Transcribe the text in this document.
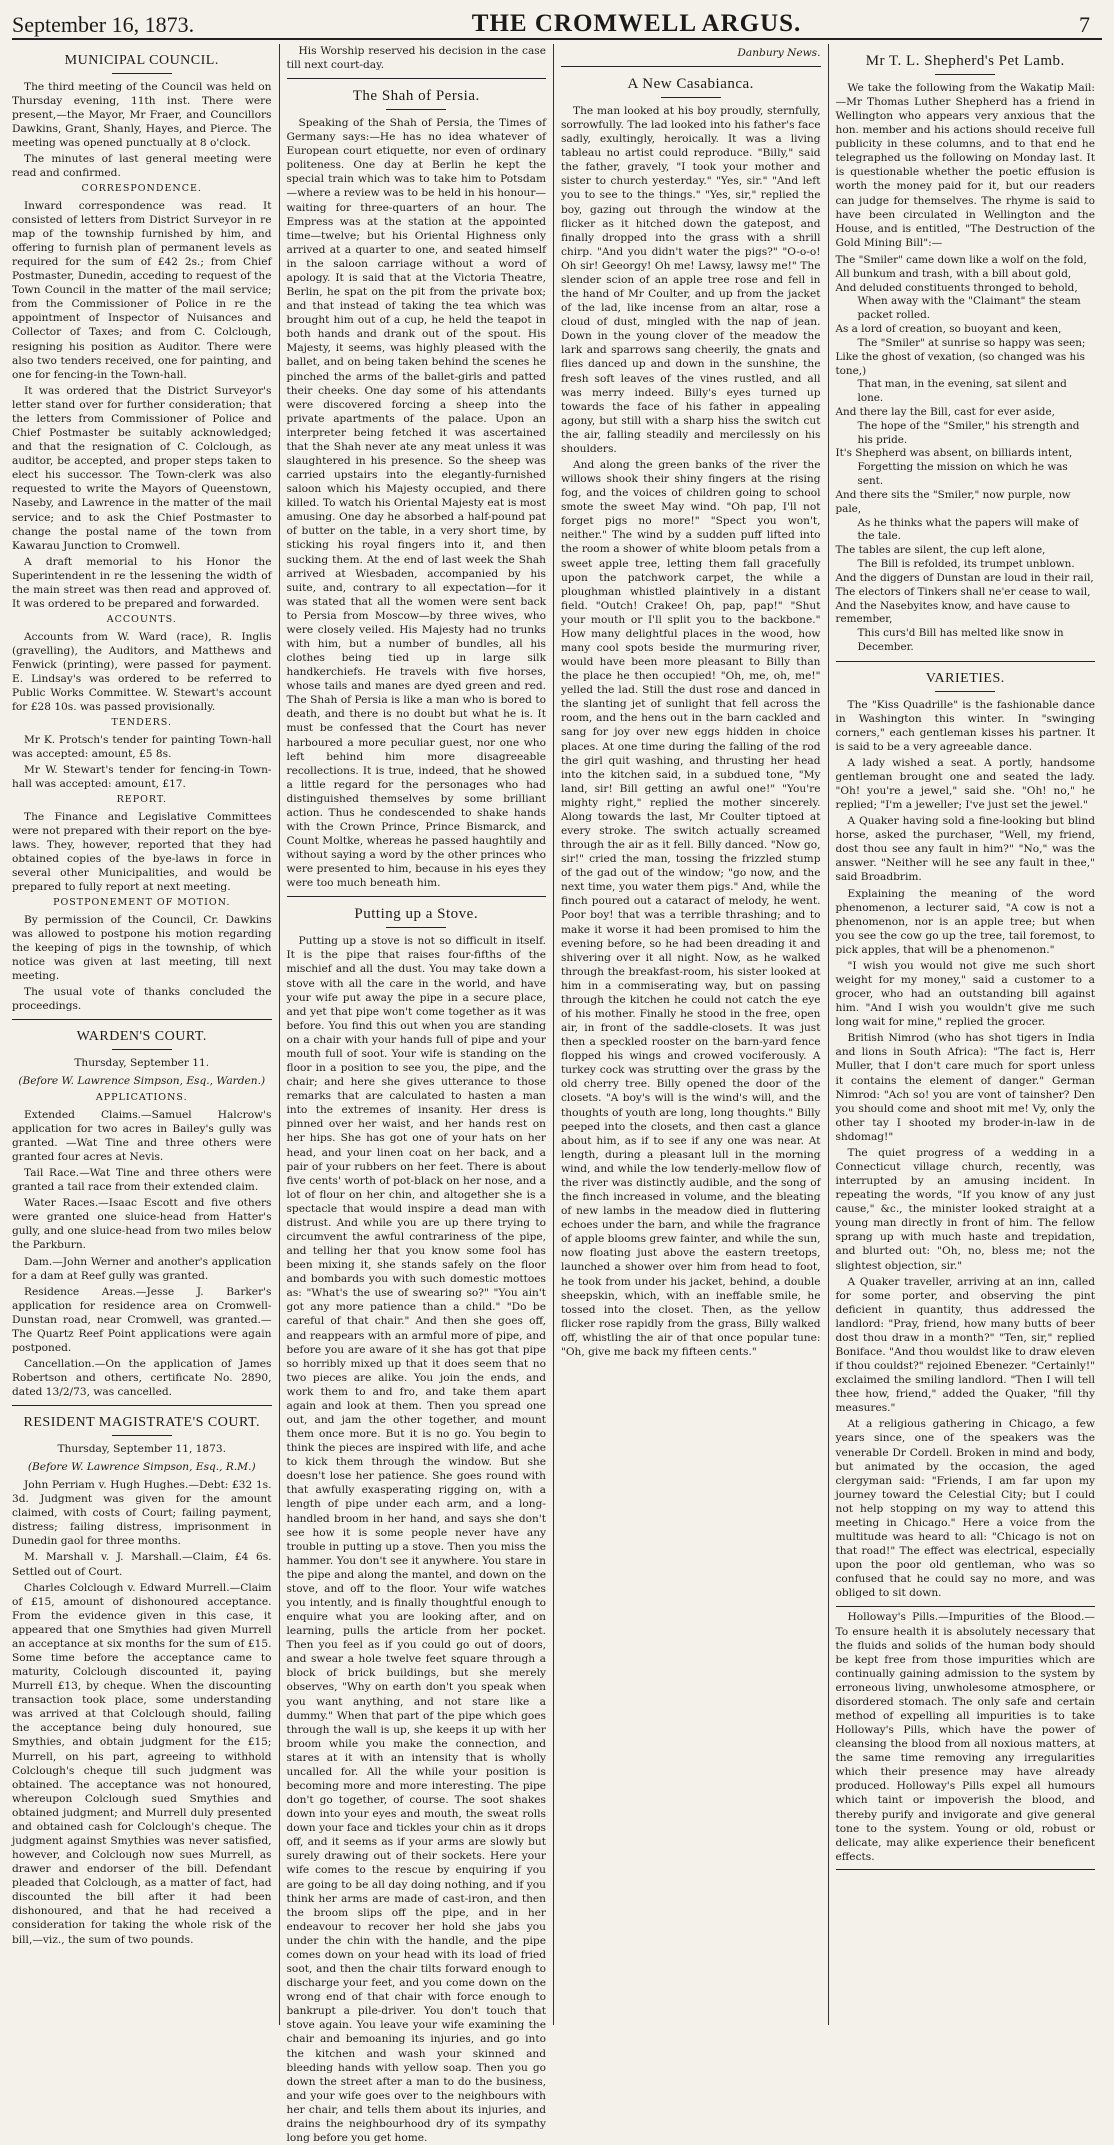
September 16, 1873.	THE CROMWELL ARGUS.	7
MUNICIPAL COUNCIL.

The third meeting of the Council was held on Thursday evening, 11th inst. There were present,—the Mayor, Mr Fraer, and Councillors Dawkins, Grant, Shanly, Hayes, and Pierce. The meeting was opened punctually at 8 o'clock.

The minutes of last general meeting were read and confirmed.

CORRESPONDENCE.

Inward correspondence was read. It consisted of letters from District Surveyor in re map of the township furnished by him, and offering to furnish plan of permanent levels as required for the sum of £42 2s.; from Chief Postmaster, Dunedin, acceding to request of the Town Council in the matter of the mail service; from the Commissioner of Police in re the appointment of Inspector of Nuisances and Collector of Taxes; and from C. Colclough, resigning his position as Auditor. There were also two tenders received, one for painting, and one for fencing-in the Town-hall.

It was ordered that the District Surveyor's letter stand over for further consideration; that the letters from Commissioner of Police and Chief Postmaster be suitably acknowledged; and that the resignation of C. Colclough, as auditor, be accepted, and proper steps taken to elect his successor. The Town-clerk was also requested to write the Mayors of Queenstown, Naseby, and Lawrence in the matter of the mail service; and to ask the Chief Postmaster to change the postal name of the town from Kawarau Junction to Cromwell.

A draft memorial to his Honor the Superintendent in re the lessening the width of the main street was then read and approved of. It was ordered to be prepared and forwarded.

ACCOUNTS.

Accounts from W. Ward (race), R. Inglis (gravelling), the Auditors, and Matthews and Fenwick (printing), were passed for payment. E. Lindsay's was ordered to be referred to Public Works Committee. W. Stewart's account for £28 10s. was passed provisionally.

TENDERS.

Mr K. Protsch's tender for painting Town-hall was accepted: amount, £5 8s.

Mr W. Stewart's tender for fencing-in Town-hall was accepted: amount, £17.

REPORT.

The Finance and Legislative Committees were not prepared with their report on the bye-laws. They, however, reported that they had obtained copies of the bye-laws in force in several other Municipalities, and would be prepared to fully report at next meeting.

POSTPONEMENT OF MOTION.

By permission of the Council, Cr. Dawkins was allowed to postpone his motion regarding the keeping of pigs in the township, of which notice was given at last meeting, till next meeting.

The usual vote of thanks concluded the proceedings.

WARDEN'S COURT.
Thursday, September 11.
(Before W. Lawrence Simpson, Esq., Warden.)
APPLICATIONS.

Extended Claims.—Samuel Halcrow's application for two acres in Bailey's gully was granted. —Wat Tine and three others were granted four acres at Nevis.

Tail Race.—Wat Tine and three others were granted a tail race from their extended claim.

Water Races.—Isaac Escott and five others were granted one sluice-head from Hatter's gully, and one sluice-head from two miles below the Parkburn.

Dam.—John Werner and another's application for a dam at Reef gully was granted.

Residence Areas.—Jesse J. Barker's application for residence area on Cromwell-Dunstan road, near Cromwell, was granted.—The Quartz Reef Point applications were again postponed.

Cancellation.—On the application of James Robertson and others, certificate No. 2890, dated 13/2/73, was cancelled.

RESIDENT MAGISTRATE'S COURT.
Thursday, September 11, 1873.
(Before W. Lawrence Simpson, Esq., R.M.)

John Perriam v. Hugh Hughes.—Debt: £32 1s. 3d. Judgment was given for the amount claimed, with costs of Court; failing payment, distress; failing distress, imprisonment in Dunedin gaol for three months.

M. Marshall v. J. Marshall.—Claim, £4 6s. Settled out of Court.

Charles Colclough v. Edward Murrell.—Claim of £15, amount of dishonoured acceptance. From the evidence given in this case, it appeared that one Smythies had given Murrell an acceptance at six months for the sum of £15. Some time before the acceptance came to maturity, Colclough discounted it, paying Murrell £13, by cheque. When the discounting transaction took place, some understanding was arrived at that Colclough should, failing the acceptance being duly honoured, sue Smythies, and obtain judgment for the £15; Murrell, on his part, agreeing to withhold Colclough's cheque till such judgment was obtained. The acceptance was not honoured, whereupon Colclough sued Smythies and obtained judgment; and Murrell duly presented and obtained cash for Colclough's cheque. The judgment against Smythies was never satisfied, however, and Colclough now sues Murrell, as drawer and endorser of the bill. Defendant pleaded that Colclough, as a matter of fact, had discounted the bill after it had been dishonoured, and that he had received a consideration for taking the whole risk of the bill,—viz., the sum of two pounds.

His Worship reserved his decision in the case till next court-day.

The Shah of Persia.

Speaking of the Shah of Persia, the Times of Germany says:—He has no idea whatever of European court etiquette, nor even of ordinary politeness. One day at Berlin he kept the special train which was to take him to Potsdam—where a review was to be held in his honour—waiting for three-quarters of an hour. The Empress was at the station at the appointed time—twelve; but his Oriental Highness only arrived at a quarter to one, and seated himself in the saloon carriage without a word of apology. It is said that at the Victoria Theatre, Berlin, he spat on the pit from the private box; and that instead of taking the tea which was brought him out of a cup, he held the teapot in both hands and drank out of the spout. His Majesty, it seems, was highly pleased with the ballet, and on being taken behind the scenes he pinched the arms of the ballet-girls and patted their cheeks. One day some of his attendants were discovered forcing a sheep into the private apartments of the palace. Upon an interpreter being fetched it was ascertained that the Shah never ate any meat unless it was slaughtered in his presence. So the sheep was carried upstairs into the elegantly-furnished saloon which his Majesty occupied, and there killed. To watch his Oriental Majesty eat is most amusing. One day he absorbed a half-pound pat of butter on the table, in a very short time, by sticking his royal fingers into it, and then sucking them. At the end of last week the Shah arrived at Wiesbaden, accompanied by his suite, and, contrary to all expectation—for it was stated that all the women were sent back to Persia from Moscow—by three wives, who were closely veiled. His Majesty had no trunks with him, but a number of bundles, all his clothes being tied up in large silk handkerchiefs. He travels with five horses, whose tails and manes are dyed green and red. The Shah of Persia is like a man who is bored to death, and there is no doubt but what he is. It must be confessed that the Court has never harboured a more peculiar guest, nor one who left behind him more disagreeable recollections. It is true, indeed, that he showed a little regard for the personages who had distinguished themselves by some brilliant action. Thus he condescended to shake hands with the Crown Prince, Prince Bismarck, and Count Moltke, whereas he passed haughtily and without saying a word by the other princes who were presented to him, because in his eyes they were too much beneath him.

Putting up a Stove.

Putting up a stove is not so difficult in itself. It is the pipe that raises four-fifths of the mischief and all the dust. You may take down a stove with all the care in the world, and have your wife put away the pipe in a secure place, and yet that pipe won't come together as it was before. You find this out when you are standing on a chair with your hands full of pipe and your mouth full of soot. Your wife is standing on the floor in a position to see you, the pipe, and the chair; and here she gives utterance to those remarks that are calculated to hasten a man into the extremes of insanity. Her dress is pinned over her waist, and her hands rest on her hips. She has got one of your hats on her head, and your linen coat on her back, and a pair of your rubbers on her feet. There is about five cents' worth of pot-black on her nose, and a lot of flour on her chin, and altogether she is a spectacle that would inspire a dead man with distrust. And while you are up there trying to circumvent the awful contrariness of the pipe, and telling her that you know some fool has been mixing it, she stands safely on the floor and bombards you with such domestic mottoes as: "What's the use of swearing so?" "You ain't got any more patience than a child." "Do be careful of that chair." And then she goes off, and reappears with an armful more of pipe, and before you are aware of it she has got that pipe so horribly mixed up that it does seem that no two pieces are alike. You join the ends, and work them to and fro, and take them apart again and look at them. Then you spread one out, and jam the other together, and mount them once more. But it is no go. You begin to think the pieces are inspired with life, and ache to kick them through the window. But she doesn't lose her patience. She goes round with that awfully exasperating rigging on, with a length of pipe under each arm, and a long-handled broom in her hand, and says she don't see how it is some people never have any trouble in putting up a stove. Then you miss the hammer. You don't see it anywhere. You stare in the pipe and along the mantel, and down on the stove, and off to the floor. Your wife watches you intently, and is finally thoughtful enough to enquire what you are looking after, and on learning, pulls the article from her pocket. Then you feel as if you could go out of doors, and swear a hole twelve feet square through a block of brick buildings, but she merely observes, "Why on earth don't you speak when you want anything, and not stare like a dummy." When that part of the pipe which goes through the wall is up, she keeps it up with her broom while you make the connection, and stares at it with an intensity that is wholly uncalled for. All the while your position is becoming more and more interesting. The pipe don't go together, of course. The soot shakes down into your eyes and mouth, the sweat rolls down your face and tickles your chin as it drops off, and it seems as if your arms are slowly but surely drawing out of their sockets. Here your wife comes to the rescue by enquiring if you are going to be all day doing nothing, and if you think her arms are made of cast-iron, and then the broom slips off the pipe, and in her endeavour to recover her hold she jabs you under the chin with the handle, and the pipe comes down on your head with its load of fried soot, and then the chair tilts forward enough to discharge your feet, and you come down on the wrong end of that chair with force enough to bankrupt a pile-driver. You don't touch that stove again. You leave your wife examining the chair and bemoaning its injuries, and go into the kitchen and wash your skinned and bleeding hands with yellow soap. Then you go down the street after a man to do the business, and your wife goes over to the neighbours with her chair, and tells them about its injuries, and drains the neighbourhood dry of its sympathy long before you get home.

Danbury News.
A New Casabianca.

The man looked at his boy proudly, sternfully, sorrowfully. The lad looked into his father's face sadly, exultingly, heroically. It was a living tableau no artist could reproduce. "Billy," said the father, gravely, "I took your mother and sister to church yesterday." "Yes, sir." "And left you to see to the things." "Yes, sir," replied the boy, gazing out through the window at the flicker as it hitched down the gatepost, and finally dropped into the grass with a shrill chirp. "And you didn't water the pigs?" "O-o-o! Oh sir! Geeorgy! Oh me! Lawsy, lawsy me!" The slender scion of an apple tree rose and fell in the hand of Mr Coulter, and up from the jacket of the lad, like incense from an altar, rose a cloud of dust, mingled with the nap of jean. Down in the young clover of the meadow the lark and sparrows sang cheerily, the gnats and flies danced up and down in the sunshine, the fresh soft leaves of the vines rustled, and all was merry indeed. Billy's eyes turned up towards the face of his father in appealing agony, but still with a sharp hiss the switch cut the air, falling steadily and mercilessly on his shoulders.

And along the green banks of the river the willows shook their shiny fingers at the rising fog, and the voices of children going to school smote the sweet May wind. "Oh pap, I'll not forget pigs no more!" "Spect you won't, neither." The wind by a sudden puff lifted into the room a shower of white bloom petals from a sweet apple tree, letting them fall gracefully upon the patchwork carpet, the while a ploughman whistled plaintively in a distant field. "Outch! Crakee! Oh, pap, pap!" "Shut your mouth or I'll split you to the backbone." How many delightful places in the wood, how many cool spots beside the murmuring river, would have been more pleasant to Billy than the place he then occupied! "Oh, me, oh, me!" yelled the lad. Still the dust rose and danced in the slanting jet of sunlight that fell across the room, and the hens out in the barn cackled and sang for joy over new eggs hidden in choice places. At one time during the falling of the rod the girl quit washing, and thrusting her head into the kitchen said, in a subdued tone, "My land, sir! Bill getting an awful one!" "You're mighty right," replied the mother sincerely. Along towards the last, Mr Coulter tiptoed at every stroke. The switch actually screamed through the air as it fell. Billy danced. "Now go, sir!" cried the man, tossing the frizzled stump of the gad out of the window; "go now, and the next time, you water them pigs." And, while the finch poured out a cataract of melody, he went. Poor boy! that was a terrible thrashing; and to make it worse it had been promised to him the evening before, so he had been dreading it and shivering over it all night. Now, as he walked through the breakfast-room, his sister looked at him in a commiserating way, but on passing through the kitchen he could not catch the eye of his mother. Finally he stood in the free, open air, in front of the saddle-closets. It was just then a speckled rooster on the barn-yard fence flopped his wings and crowed vociferously. A turkey cock was strutting over the grass by the old cherry tree. Billy opened the door of the closets. "A boy's will is the wind's will, and the thoughts of youth are long, long thoughts." Billy peeped into the closets, and then cast a glance about him, as if to see if any one was near. At length, during a pleasant lull in the morning wind, and while the low tenderly-mellow flow of the river was distinctly audible, and the song of the finch increased in volume, and the bleating of new lambs in the meadow died in fluttering echoes under the barn, and while the fragrance of apple blooms grew fainter, and while the sun, now floating just above the eastern treetops, launched a shower over him from head to foot, he took from under his jacket, behind, a double sheepskin, which, with an ineffable smile, he tossed into the closet. Then, as the yellow flicker rose rapidly from the grass, Billy walked off, whistling the air of that once popular tune: "Oh, give me back my fifteen cents."

Mr T. L. Shepherd's Pet Lamb.

We take the following from the Wakatip Mail:—Mr Thomas Luther Shepherd has a friend in Wellington who appears very anxious that the hon. member and his actions should receive full publicity in these columns, and to that end he telegraphed us the following on Monday last. It is questionable whether the poetic effusion is worth the money paid for it, but our readers can judge for themselves. The rhyme is said to have been circulated in Wellington and the House, and is entitled, "The Destruction of the Gold Mining Bill":—

The "Smiler" came down like a wolf on the fold,
All bunkum and trash, with a bill about gold,
And deluded constituents thronged to behold,
When away with the "Claimant" the steam packet rolled.
As a lord of creation, so buoyant and keen,
The "Smiler" at sunrise so happy was seen;
Like the ghost of vexation, (so changed was his tone,)
That man, in the evening, sat silent and lone.
And there lay the Bill, cast for ever aside,
The hope of the "Smiler," his strength and his pride.
It's Shepherd was absent, on billiards intent,
Forgetting the mission on which he was sent.
And there sits the "Smiler," now purple, now pale,
As he thinks what the papers will make of the tale.
The tables are silent, the cup left alone,
The Bill is refolded, its trumpet unblown.
And the diggers of Dunstan are loud in their rail,
The electors of Tinkers shall ne'er cease to wail,
And the Nasebyites know, and have cause to remember,
This curs'd Bill has melted like snow in December.
VARIETIES.

The "Kiss Quadrille" is the fashionable dance in Washington this winter. In "swinging corners," each gentleman kisses his partner. It is said to be a very agreeable dance.

A lady wished a seat. A portly, handsome gentleman brought one and seated the lady. "Oh! you're a jewel," said she. "Oh! no," he replied; "I'm a jeweller; I've just set the jewel."

A Quaker having sold a fine-looking but blind horse, asked the purchaser, "Well, my friend, dost thou see any fault in him?" "No," was the answer. "Neither will he see any fault in thee," said Broadbrim.

Explaining the meaning of the word phenomenon, a lecturer said, "A cow is not a phenomenon, nor is an apple tree; but when you see the cow go up the tree, tail foremost, to pick apples, that will be a phenomenon."

"I wish you would not give me such short weight for my money," said a customer to a grocer, who had an outstanding bill against him. "And I wish you wouldn't give me such long wait for mine," replied the grocer.

British Nimrod (who has shot tigers in India and lions in South Africa): "The fact is, Herr Muller, that I don't care much for sport unless it contains the element of danger." German Nimrod: "Ach so! you are vont of tainsher? Den you should come and shoot mit me! Vy, only the other tay I shooted my broder-in-law in de shdomag!"

The quiet progress of a wedding in a Connecticut village church, recently, was interrupted by an amusing incident. In repeating the words, "If you know of any just cause," &c., the minister looked straight at a young man directly in front of him. The fellow sprang up with much haste and trepidation, and blurted out: "Oh, no, bless me; not the slightest objection, sir."

A Quaker traveller, arriving at an inn, called for some porter, and observing the pint deficient in quantity, thus addressed the landlord: "Pray, friend, how many butts of beer dost thou draw in a month?" "Ten, sir," replied Boniface. "And thou wouldst like to draw eleven if thou couldst?" rejoined Ebenezer. "Certainly!" exclaimed the smiling landlord. "Then I will tell thee how, friend," added the Quaker, "fill thy measures."

At a religious gathering in Chicago, a few years since, one of the speakers was the venerable Dr Cordell. Broken in mind and body, but animated by the occasion, the aged clergyman said: "Friends, I am far upon my journey toward the Celestial City; but I could not help stopping on my way to attend this meeting in Chicago." Here a voice from the multitude was heard to all: "Chicago is not on that road!" The effect was electrical, especially upon the poor old gentleman, who was so confused that he could say no more, and was obliged to sit down.

Holloway's Pills.—Impurities of the Blood.—To ensure health it is absolutely necessary that the fluids and solids of the human body should be kept free from those impurities which are continually gaining admission to the system by erroneous living, unwholesome atmosphere, or disordered stomach. The only safe and certain method of expelling all impurities is to take Holloway's Pills, which have the power of cleansing the blood from all noxious matters, at the same time removing any irregularities which their presence may have already produced. Holloway's Pills expel all humours which taint or impoverish the blood, and thereby purify and invigorate and give general tone to the system. Young or old, robust or delicate, may alike experience their beneficent effects.
